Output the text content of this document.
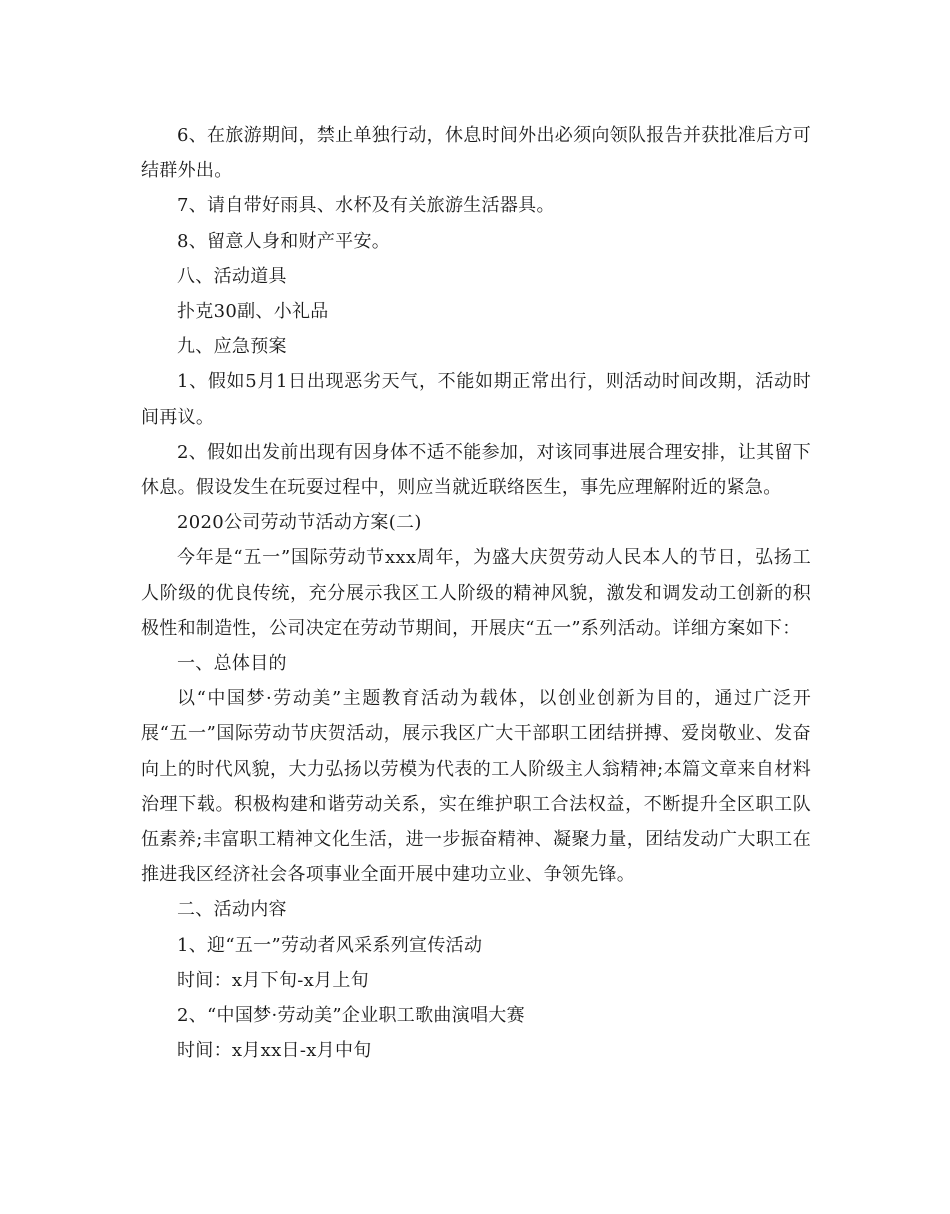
6、在旅游期间，禁止单独行动，休息时间外出必须向领队报告并获批准后方可结群外出。

7、请自带好雨具、水杯及有关旅游生活器具。

8、留意人身和财产平安。

八、活动道具

扑克30副、小礼品

九、应急预案

1、假如5月1日出现恶劣天气，不能如期正常出行，则活动时间改期，活动时间再议。

2、假如出发前出现有因身体不适不能参加，对该同事进展合理安排，让其留下休息。假设发生在玩耍过程中，则应当就近联络医生，事先应理解附近的紧急。

2020公司劳动节活动方案(二)

今年是“五一”国际劳动节xxx周年，为盛大庆贺劳动人民本人的节日，弘扬工人阶级的优良传统，充分展示我区工人阶级的精神风貌，激发和调发动工创新的积极性和制造性，公司决定在劳动节期间，开展庆“五一”系列活动。详细方案如下：

一、总体目的

以“中国梦·劳动美”主题教育活动为载体，以创业创新为目的，通过广泛开展“五一”国际劳动节庆贺活动，展示我区广大干部职工团结拼搏、爱岗敬业、发奋向上的时代风貌，大力弘扬以劳模为代表的工人阶级主人翁精神;本篇文章来自材料治理下载。积极构建和谐劳动关系，实在维护职工合法权益，不断提升全区职工队伍素养;丰富职工精神文化生活，进一步振奋精神、凝聚力量，团结发动广大职工在推进我区经济社会各项事业全面开展中建功立业、争领先锋。

二、活动内容

1、迎“五一”劳动者风采系列宣传活动

时间：x月下旬-x月上旬

2、“中国梦·劳动美”企业职工歌曲演唱大赛

时间：x月xx日-x月中旬
